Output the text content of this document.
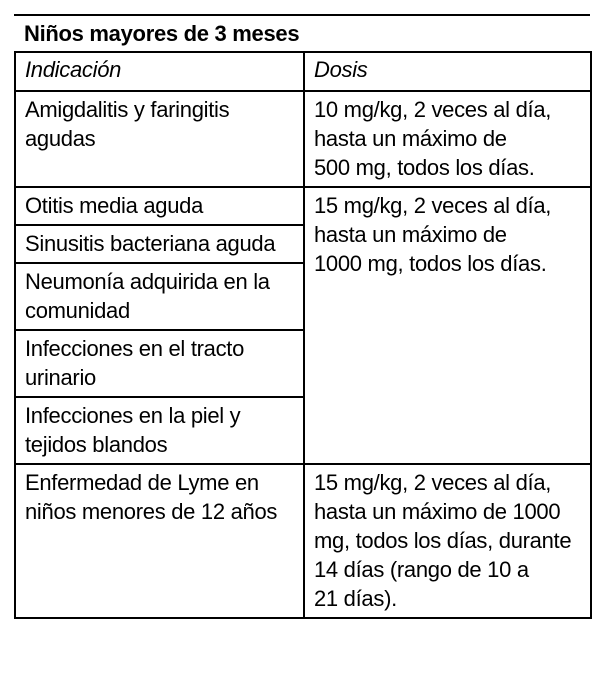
Niños mayores de 3 meses
Indicación	Dosis

Amigdalitis y faringitis
agudas	10 mg/kg, 2 veces al día,
hasta un máximo de
500 mg, todos los días.

Otitis media aguda	15 mg/kg, 2 veces al día,
hasta un máximo de
1000 mg, todos los días.

Sinusitis bacteriana aguda	

Neumonía adquirida en la
comunidad	

Infecciones en el tracto
urinario	

Infecciones en la piel y
tejidos blandos	

Enfermedad de Lyme en
niños menores de 12 años	15 mg/kg, 2 veces al día,
hasta un máximo de 1000
mg, todos los días, durante
14 días (rango de 10 a
21 días).
